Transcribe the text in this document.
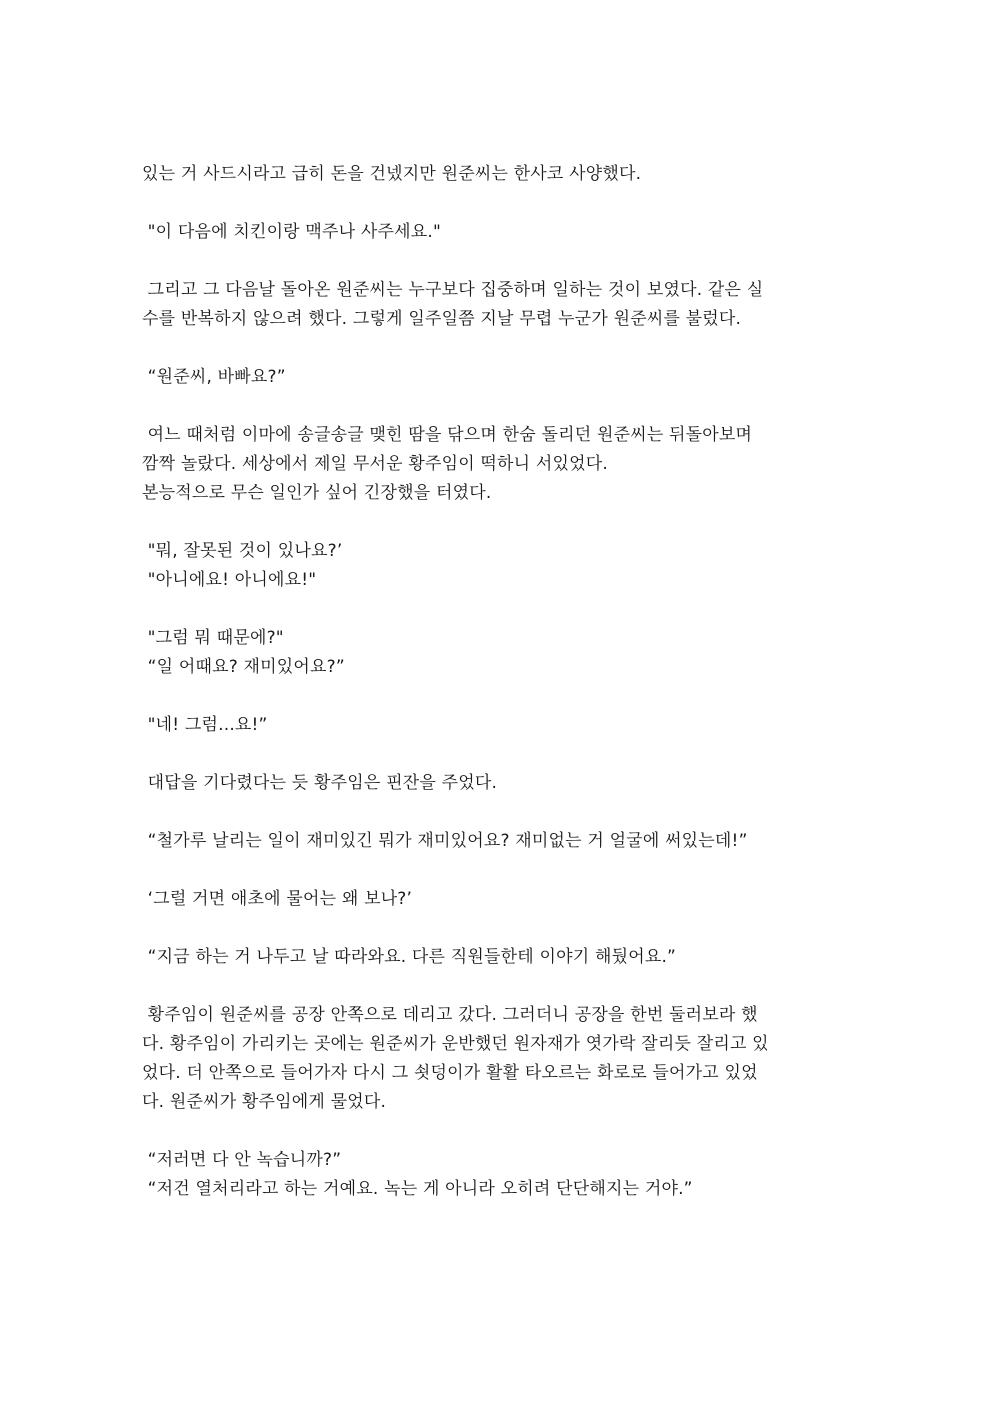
있는 거 사드시라고 급히 돈을 건넸지만 원준씨는 한사코 사양했다.
"이 다음에 치킨이랑 맥주나 사주세요."
그리고 그 다음날 돌아온 원준씨는 누구보다 집중하며 일하는 것이 보였다. 같은 실
수를 반복하지 않으려 했다. 그렇게 일주일쯤 지날 무렵 누군가 원준씨를 불렀다.
“원준씨, 바빠요?”
여느 때처럼 이마에 송글송글 맺힌 땀을 닦으며 한숨 돌리던 원준씨는 뒤돌아보며
깜짝 놀랐다. 세상에서 제일 무서운 황주임이 떡하니 서있었다.
본능적으로 무슨 일인가 싶어 긴장했을 터였다.
"뭐, 잘못된 것이 있나요?’
"아니에요! 아니에요!"
"그럼 뭐 때문에?"
“일 어때요? 재미있어요?”
"네! 그럼...요!”
대답을 기다렸다는 듯 황주임은 핀잔을 주었다.
“철가루 날리는 일이 재미있긴 뭐가 재미있어요? 재미없는 거 얼굴에 써있는데!”
‘그럴 거면 애초에 물어는 왜 보나?’
“지금 하는 거 나두고 날 따라와요. 다른 직원들한테 이야기 해뒀어요.”
황주임이 원준씨를 공장 안쪽으로 데리고 갔다. 그러더니 공장을 한번 둘러보라 했
다. 황주임이 가리키는 곳에는 원준씨가 운반했던 원자재가 엿가락 잘리듯 잘리고 있
었다. 더 안쪽으로 들어가자 다시 그 쇳덩이가 활활 타오르는 화로로 들어가고 있었
다. 원준씨가 황주임에게 물었다.
“저러면 다 안 녹습니까?”
“저건 열처리라고 하는 거예요. 녹는 게 아니라 오히려 단단해지는 거야.”
